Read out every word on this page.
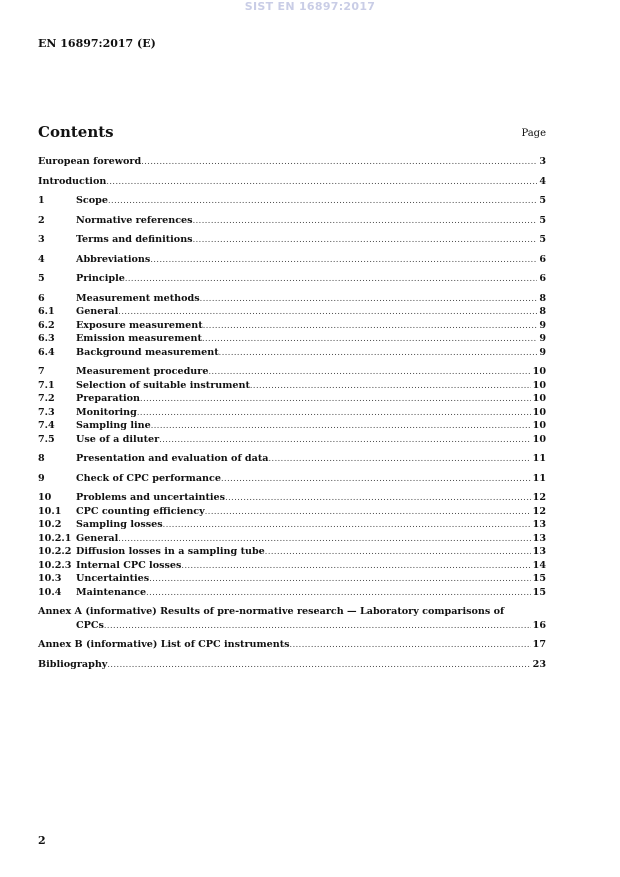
SIST EN 16897:2017
EN 16897:2017 (E)
Contents	Page
European foreword .....	3
Introduction .....	4
1	Scope .....	5
2	Normative references .....	5
3	Terms and definitions .....	5
4	Abbreviations .....	6
5	Principle .....	6
6	Measurement methods .....	8
6.1	General .....	8
6.2	Exposure measurement .....	9
6.3	Emission measurement .....	9
6.4	Background measurement .....	9
7	Measurement procedure .....	10
7.1	Selection of suitable instrument .....	10
7.2	Preparation .....	10
7.3	Monitoring .....	10
7.4	Sampling line .....	10
7.5	Use of a diluter .....	10
8	Presentation and evaluation of data .....	11
9	Check of CPC performance .....	11
10	Problems and uncertainties .....	12
10.1	CPC counting efficiency .....	12
10.2	Sampling losses .....	13
10.2.1 General .....	13
10.2.2 Diffusion losses in a sampling tube .....	13
10.2.3 Internal CPC losses .....	14
10.3	Uncertainties .....	15
10.4	Maintenance .....	15
Annex A (informative) Results of pre-normative research — Laboratory comparisons of
CPCs .....	16
Annex B (informative) List of CPC instruments .....	17
Bibliography .....	23
2
